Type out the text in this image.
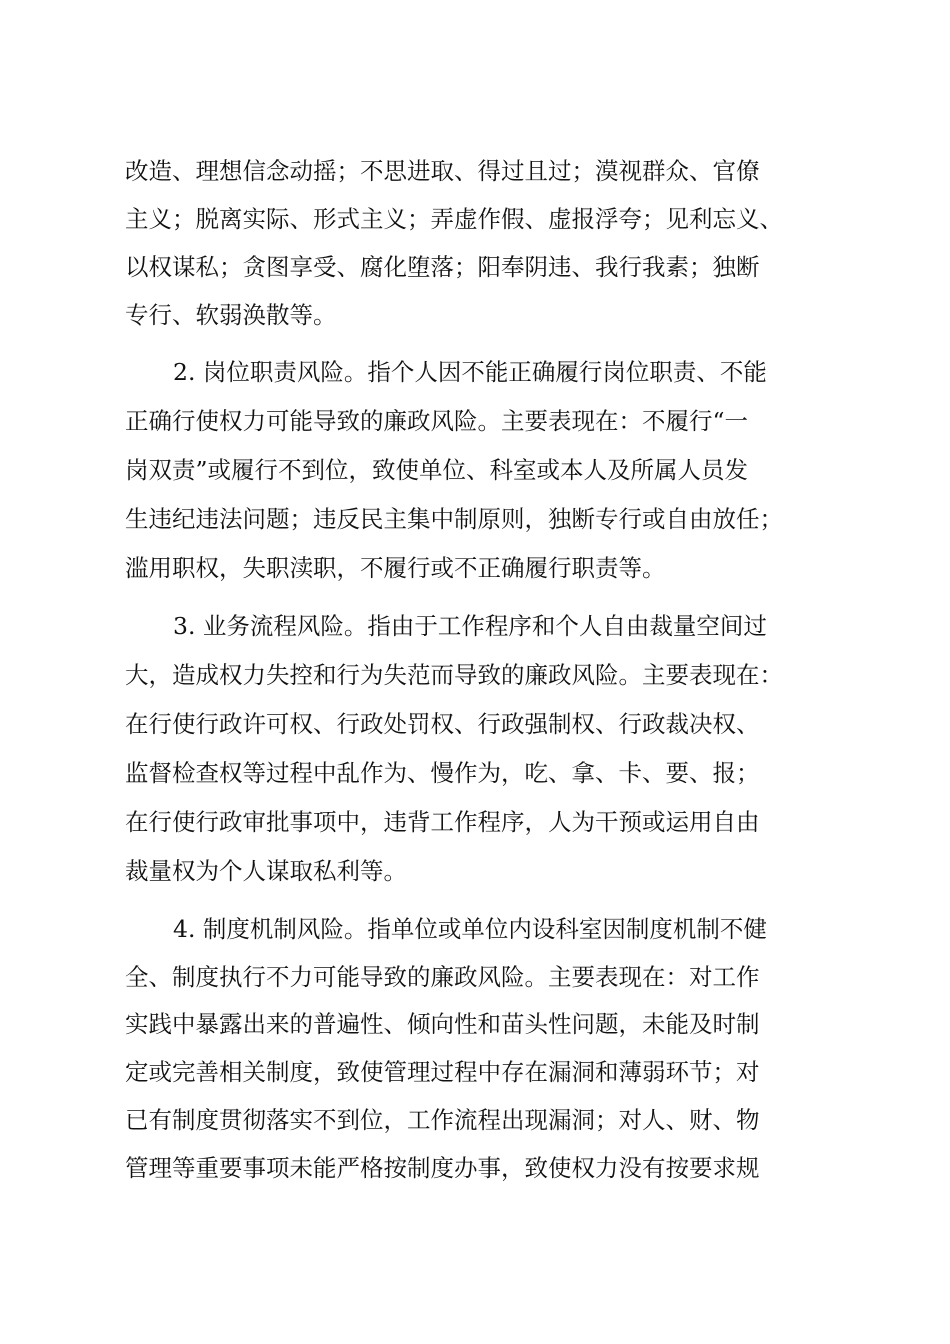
改造、理想信念动摇；不思进取、得过且过；漠视群众、官僚
主义；脱离实际、形式主义；弄虚作假、虚报浮夸；见利忘义、
以权谋私；贪图享受、腐化堕落；阳奉阴违、我行我素；独断
专行、软弱涣散等。
2. 岗位职责风险。指个人因不能正确履行岗位职责、不能
正确行使权力可能导致的廉政风险。主要表现在：不履行“一
岗双责”或履行不到位，致使单位、科室或本人及所属人员发
生违纪违法问题；违反民主集中制原则，独断专行或自由放任；
滥用职权，失职渎职，不履行或不正确履行职责等。
3. 业务流程风险。指由于工作程序和个人自由裁量空间过
大，造成权力失控和行为失范而导致的廉政风险。主要表现在：
在行使行政许可权、行政处罚权、行政强制权、行政裁决权、
监督检查权等过程中乱作为、慢作为，吃、拿、卡、要、报；
在行使行政审批事项中，违背工作程序，人为干预或运用自由
裁量权为个人谋取私利等。
4. 制度机制风险。指单位或单位内设科室因制度机制不健
全、制度执行不力可能导致的廉政风险。主要表现在：对工作
实践中暴露出来的普遍性、倾向性和苗头性问题，未能及时制
定或完善相关制度，致使管理过程中存在漏洞和薄弱环节；对
已有制度贯彻落实不到位，工作流程出现漏洞；对人、财、物
管理等重要事项未能严格按制度办事，致使权力没有按要求规
